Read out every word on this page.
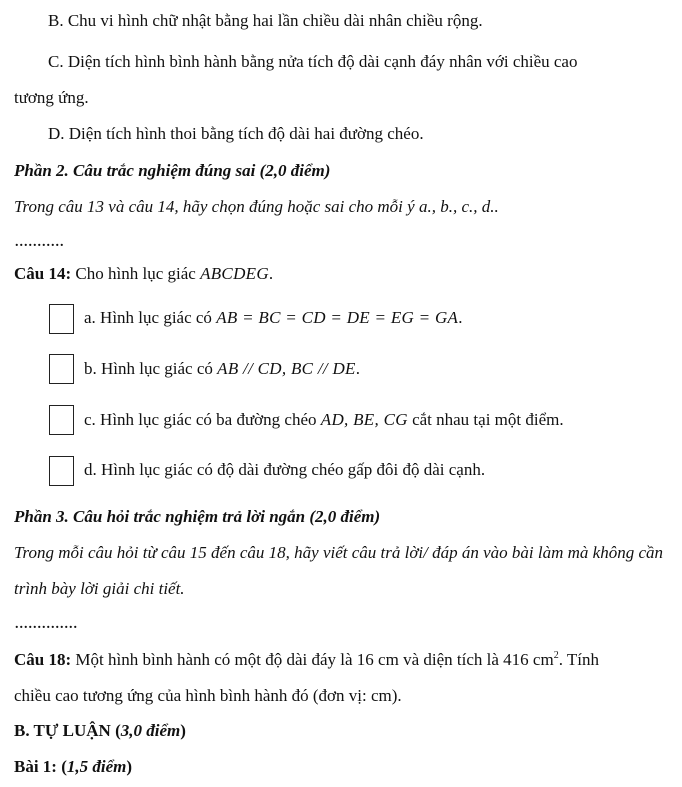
B. Chu vi hình chữ nhật bằng hai lần chiều dài nhân chiều rộng.
C. Diện tích hình bình hành bằng nửa tích độ dài cạnh đáy nhân với chiều cao
tương ứng.
D. Diện tích hình thoi bằng tích độ dài hai đường chéo.
Phần 2. Câu trắc nghiệm đúng sai (2,0 điểm)
Trong câu 13 và câu 14, hãy chọn đúng hoặc sai cho mỗi ý a., b., c., d..
...........
Câu 14: Cho hình lục giác ABCDEG.
a. Hình lục giác có AB = BC = CD = DE = EG = GA.
b. Hình lục giác có AB // CD, BC // DE.
c. Hình lục giác có ba đường chéo AD, BE, CG cắt nhau tại một điểm.
d. Hình lục giác có độ dài đường chéo gấp đôi độ dài cạnh.
Phần 3. Câu hỏi trắc nghiệm trả lời ngắn (2,0 điểm)
Trong mỗi câu hỏi từ câu 15 đến câu 18, hãy viết câu trả lời/ đáp án vào bài làm mà không cần
trình bày lời giải chi tiết.
..............
Câu 18: Một hình bình hành có một độ dài đáy là 16 cm và diện tích là 416 $cm^2$. Tính
chiều cao tương ứng của hình bình hành đó (đơn vị: cm).
B. TỰ LUẬN (3,0 điểm)
Bài 1: (1,5 điểm)
